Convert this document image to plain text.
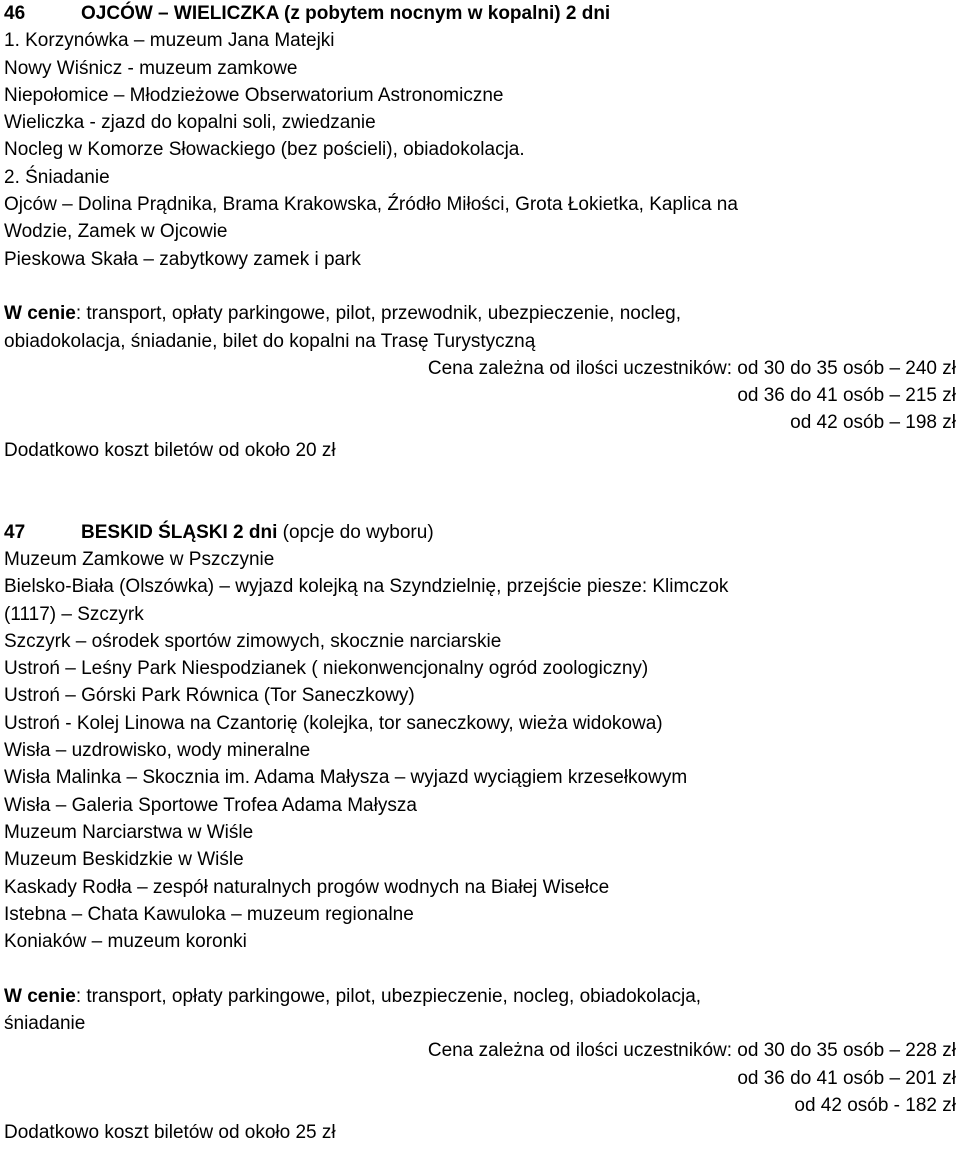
46	OJCÓW – WIELICZKA (z pobytem nocnym w kopalni) 2 dni
1. Korzynówka – muzeum Jana Matejki
Nowy Wiśnicz - muzeum zamkowe
Niepołomice – Młodzieżowe Obserwatorium Astronomiczne
Wieliczka - zjazd do kopalni soli, zwiedzanie
Nocleg w Komorze Słowackiego (bez pościeli), obiadokolacja.
2. Śniadanie
Ojców – Dolina Prądnika, Brama Krakowska, Źródło Miłości, Grota Łokietka, Kaplica na
Wodzie, Zamek w Ojcowie
Pieskowa Skała – zabytkowy zamek i park
W cenie: transport, opłaty parkingowe, pilot, przewodnik, ubezpieczenie, nocleg,
obiadokolacja, śniadanie, bilet do kopalni na Trasę Turystyczną
Cena zależna od ilości uczestników: od 30 do 35 osób – 240 zł
od 36 do 41 osób – 215 zł
od 42 osób – 198 zł
Dodatkowo koszt biletów od około 20 zł
47	BESKID ŚLĄSKI 2 dni (opcje do wyboru)
Muzeum Zamkowe w Pszczynie
Bielsko-Biała (Olszówka) – wyjazd kolejką na Szyndzielnię, przejście piesze: Klimczok
(1117) – Szczyrk
Szczyrk – ośrodek sportów zimowych, skocznie narciarskie
Ustroń – Leśny Park Niespodzianek ( niekonwencjonalny ogród zoologiczny)
Ustroń – Górski Park Równica (Tor Saneczkowy)
Ustroń - Kolej Linowa na Czantorię (kolejka, tor saneczkowy, wieża widokowa)
Wisła – uzdrowisko, wody mineralne
Wisła Malinka – Skocznia im. Adama Małysza – wyjazd wyciągiem krzesełkowym
Wisła – Galeria Sportowe Trofea Adama Małysza
Muzeum Narciarstwa w Wiśle
Muzeum Beskidzkie w Wiśle
Kaskady Rodła – zespół naturalnych progów wodnych na Białej Wisełce
Istebna – Chata Kawuloka – muzeum regionalne
Koniaków – muzeum koronki
W cenie: transport, opłaty parkingowe, pilot, ubezpieczenie, nocleg, obiadokolacja,
śniadanie
Cena zależna od ilości uczestników: od 30 do 35 osób – 228 zł
od 36 do 41 osób – 201 zł
od 42 osób - 182 zł
Dodatkowo koszt biletów od około 25 zł
